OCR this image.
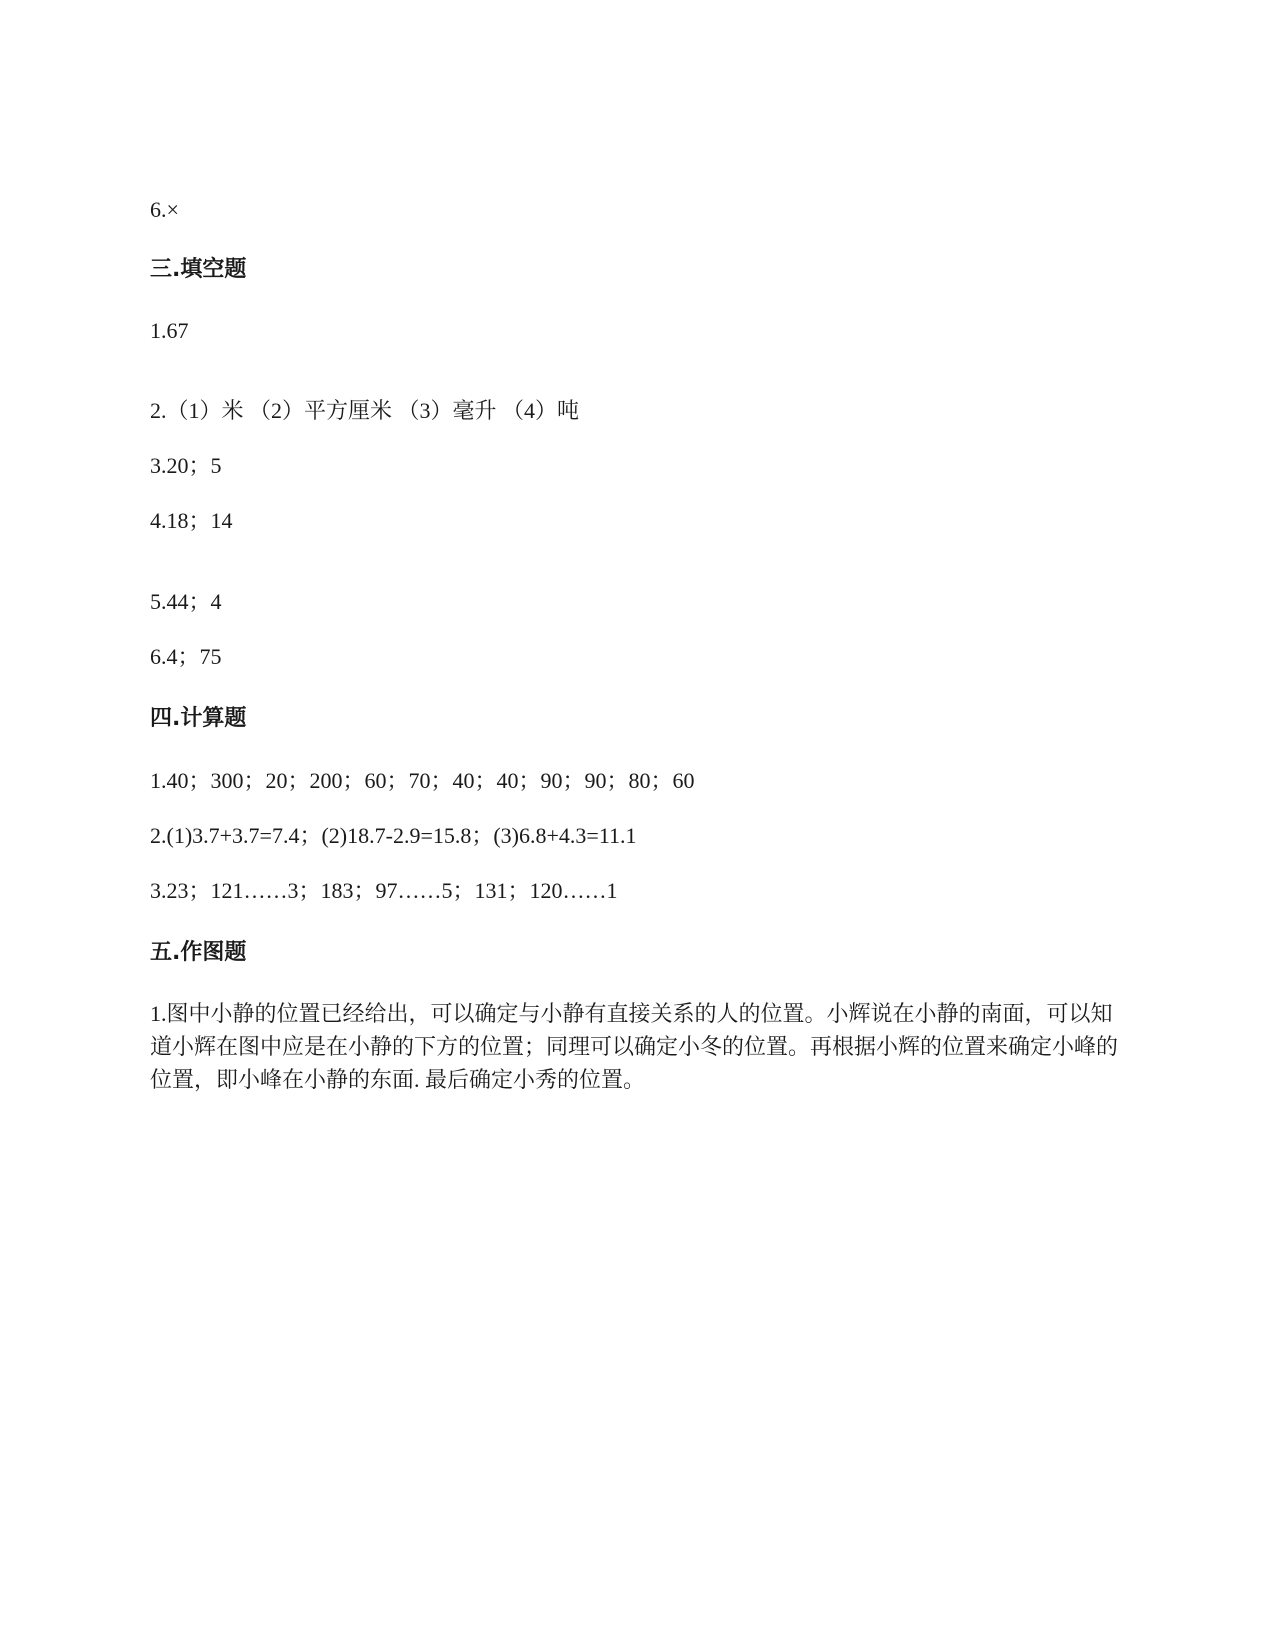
6.×
三.填空题
1.67
2.（1）米 （2）平方厘米 （3）毫升 （4）吨
3.20；5
4.18；14
5.44；4
6.4；75
四.计算题
1.40；300；20；200；60；70；40；40；90；90；80；60
2.(1)3.7+3.7=7.4；(2)18.7-2.9=15.8；(3)6.8+4.3=11.1
3.23；121……3；183；97……5；131；120……1
五.作图题
1.图中小静的位置已经给出，可以确定与小静有直接关系的人的位置。小辉说在小静的南面，可以知道小辉在图中应是在小静的下方的位置；同理可以确定小冬的位置。再根据小辉的位置来确定小峰的位置，即小峰在小静的东面. 最后确定小秀的位置。
